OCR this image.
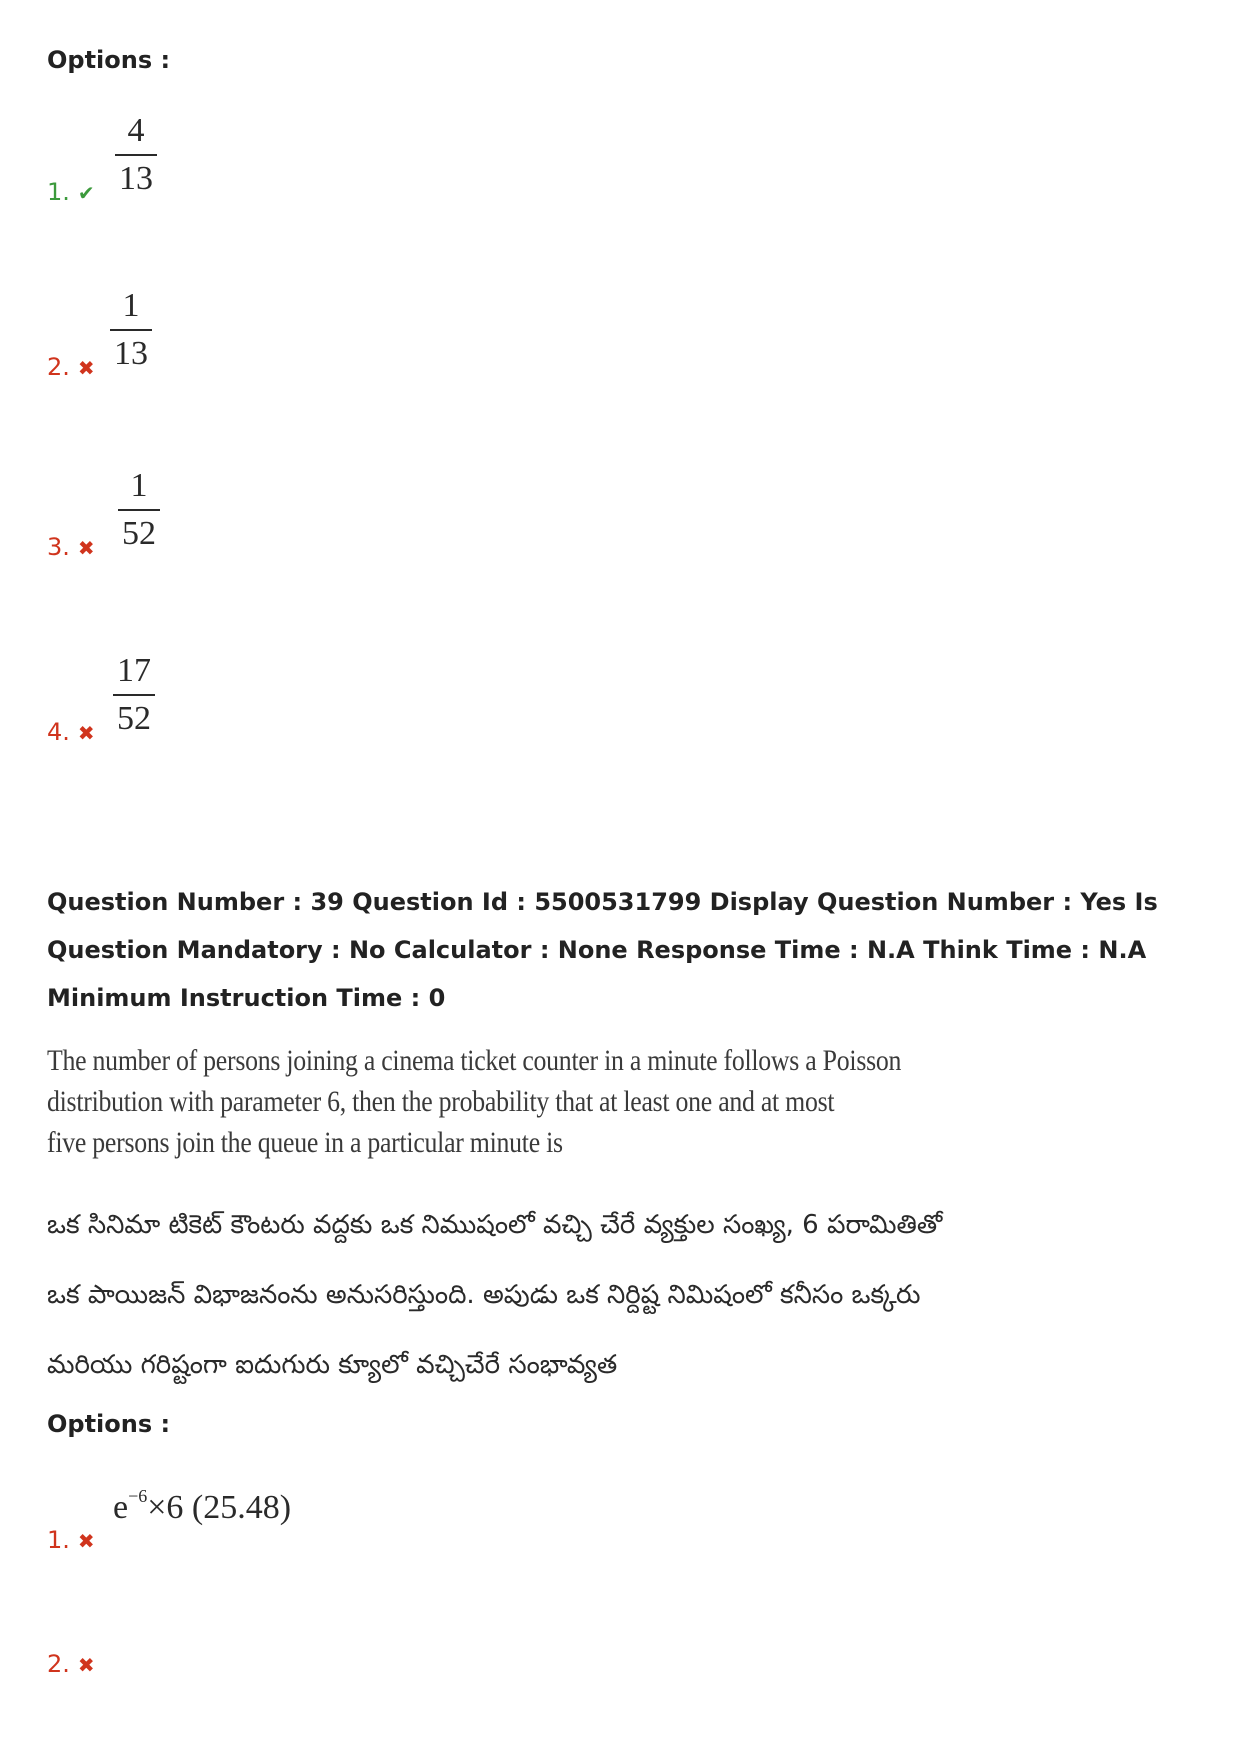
Options :
1. ✔
4
13
2. ✖
1
13
3. ✖
1
52
4. ✖
17
52
Question Number : 39 Question Id : 5500531799 Display Question Number : Yes Is Question Mandatory : No Calculator : None Response Time : N.A Think Time : N.A Minimum Instruction Time : 0
The number of persons joining a cinema ticket counter in a minute follows a Poisson
distribution with parameter 6, then the probability that at least one and at most
five persons join the queue in a particular minute is
ఒక సినిమా టికెట్ కౌంటరు వద్దకు ఒక నిముషంలో వచ్చి చేరే వ్యక్తుల సంఖ్య, 6 పరామితితో
ఒక పాయిజన్ విభాజనంను అనుసరిస్తుంది. అపుడు ఒక నిర్దిష్ట నిమిషంలో కనీసం ఒక్కరు
మరియు గరిష్టంగా ఐదుగురు క్యూలో వచ్చిచేరే సంభావ్యత
Options :
1. ✖
$e^{-6}\times 6$ (25.48)
2. ✖
